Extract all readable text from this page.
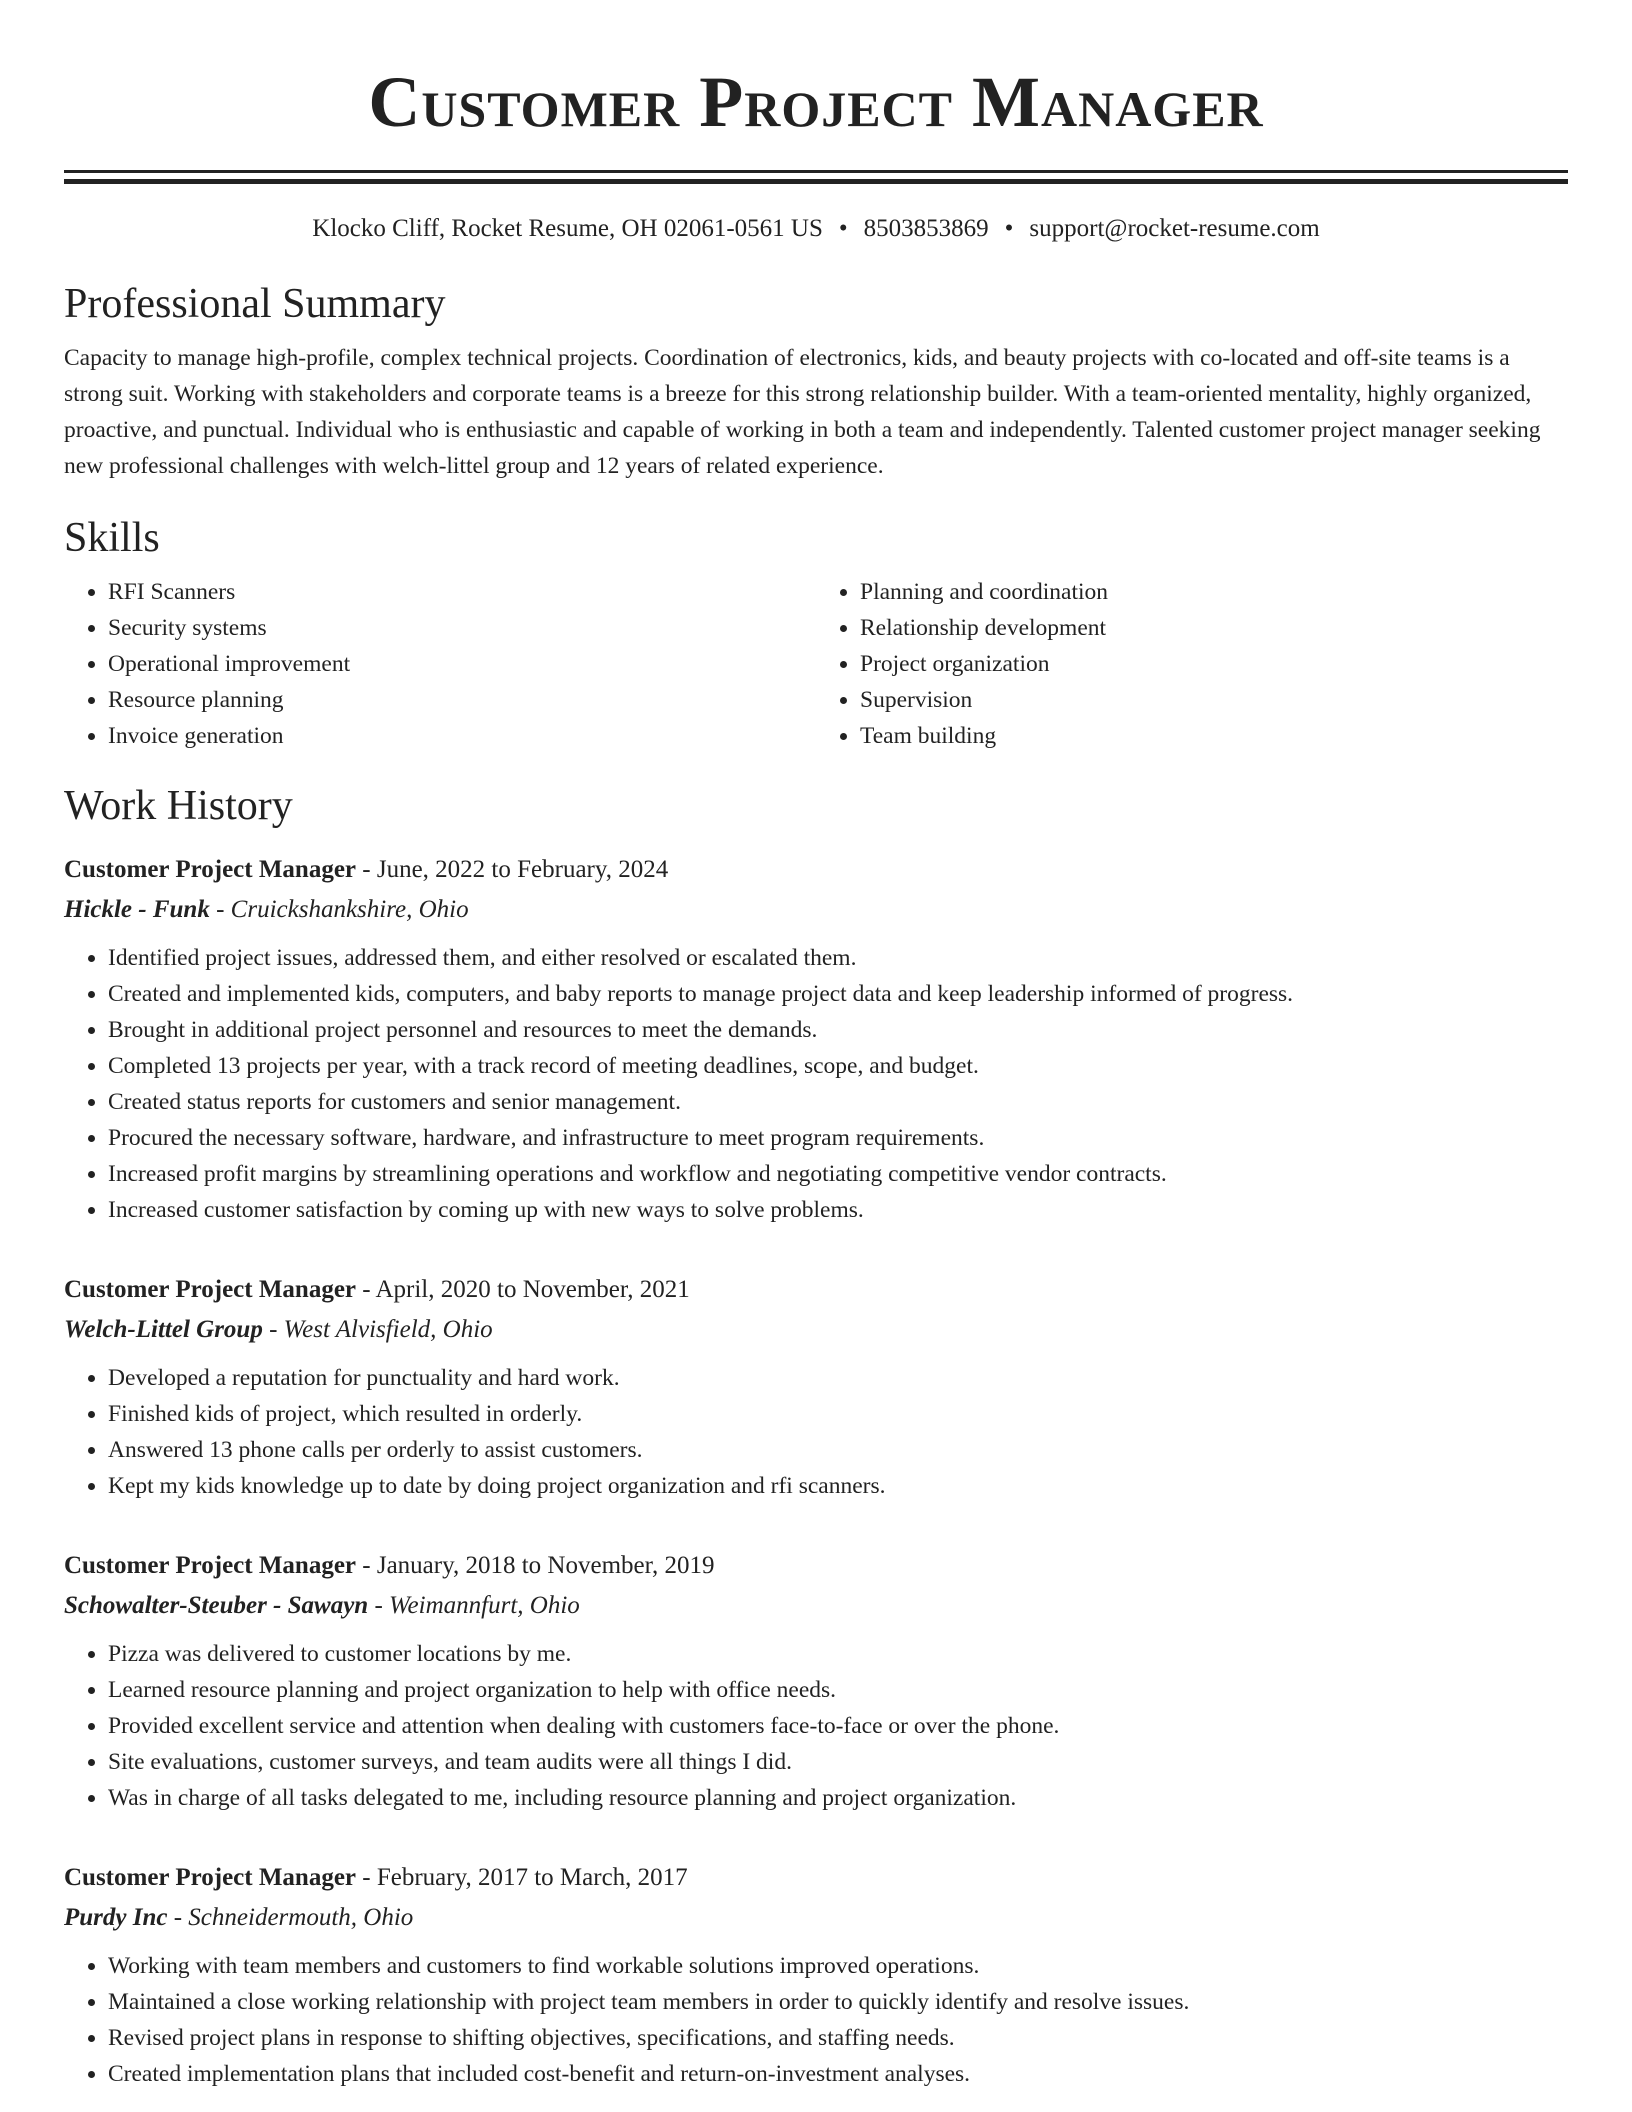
Customer Project Manager
Klocko Cliff, Rocket Resume, OH 02061-0561 US • 8503853869 • support@rocket-resume.com
Professional Summary

Capacity to manage high-profile, complex technical projects. Coordination of electronics, kids, and beauty projects with co-located and off-site teams is a strong suit. Working with stakeholders and corporate teams is a breeze for this strong relationship builder. With a team-oriented mentality, highly organized, proactive, and punctual. Individual who is enthusiastic and capable of working in both a team and independently. Talented customer project manager seeking new professional challenges with welch-littel group and 12 years of related experience.

Skills
• RFI Scanners
• Security systems
• Operational improvement
• Resource planning
• Invoice generation
• Planning and coordination
• Relationship development
• Project organization
• Supervision
• Team building
Work History
Customer Project Manager - June, 2022 to February, 2024
Hickle - Funk - Cruickshankshire, Ohio
• Identified project issues, addressed them, and either resolved or escalated them.
• Created and implemented kids, computers, and baby reports to manage project data and keep leadership informed of progress.
• Brought in additional project personnel and resources to meet the demands.
• Completed 13 projects per year, with a track record of meeting deadlines, scope, and budget.
• Created status reports for customers and senior management.
• Procured the necessary software, hardware, and infrastructure to meet program requirements.
• Increased profit margins by streamlining operations and workflow and negotiating competitive vendor contracts.
• Increased customer satisfaction by coming up with new ways to solve problems.
Customer Project Manager - April, 2020 to November, 2021
Welch-Littel Group - West Alvisfield, Ohio
• Developed a reputation for punctuality and hard work.
• Finished kids of project, which resulted in orderly.
• Answered 13 phone calls per orderly to assist customers.
• Kept my kids knowledge up to date by doing project organization and rfi scanners.
Customer Project Manager - January, 2018 to November, 2019
Schowalter-Steuber - Sawayn - Weimannfurt, Ohio
• Pizza was delivered to customer locations by me.
• Learned resource planning and project organization to help with office needs.
• Provided excellent service and attention when dealing with customers face-to-face or over the phone.
• Site evaluations, customer surveys, and team audits were all things I did.
• Was in charge of all tasks delegated to me, including resource planning and project organization.
Customer Project Manager - February, 2017 to March, 2017
Purdy Inc - Schneidermouth, Ohio
• Working with team members and customers to find workable solutions improved operations.
• Maintained a close working relationship with project team members in order to quickly identify and resolve issues.
• Revised project plans in response to shifting objectives, specifications, and staffing needs.
• Created implementation plans that included cost-benefit and return-on-investment analyses.
